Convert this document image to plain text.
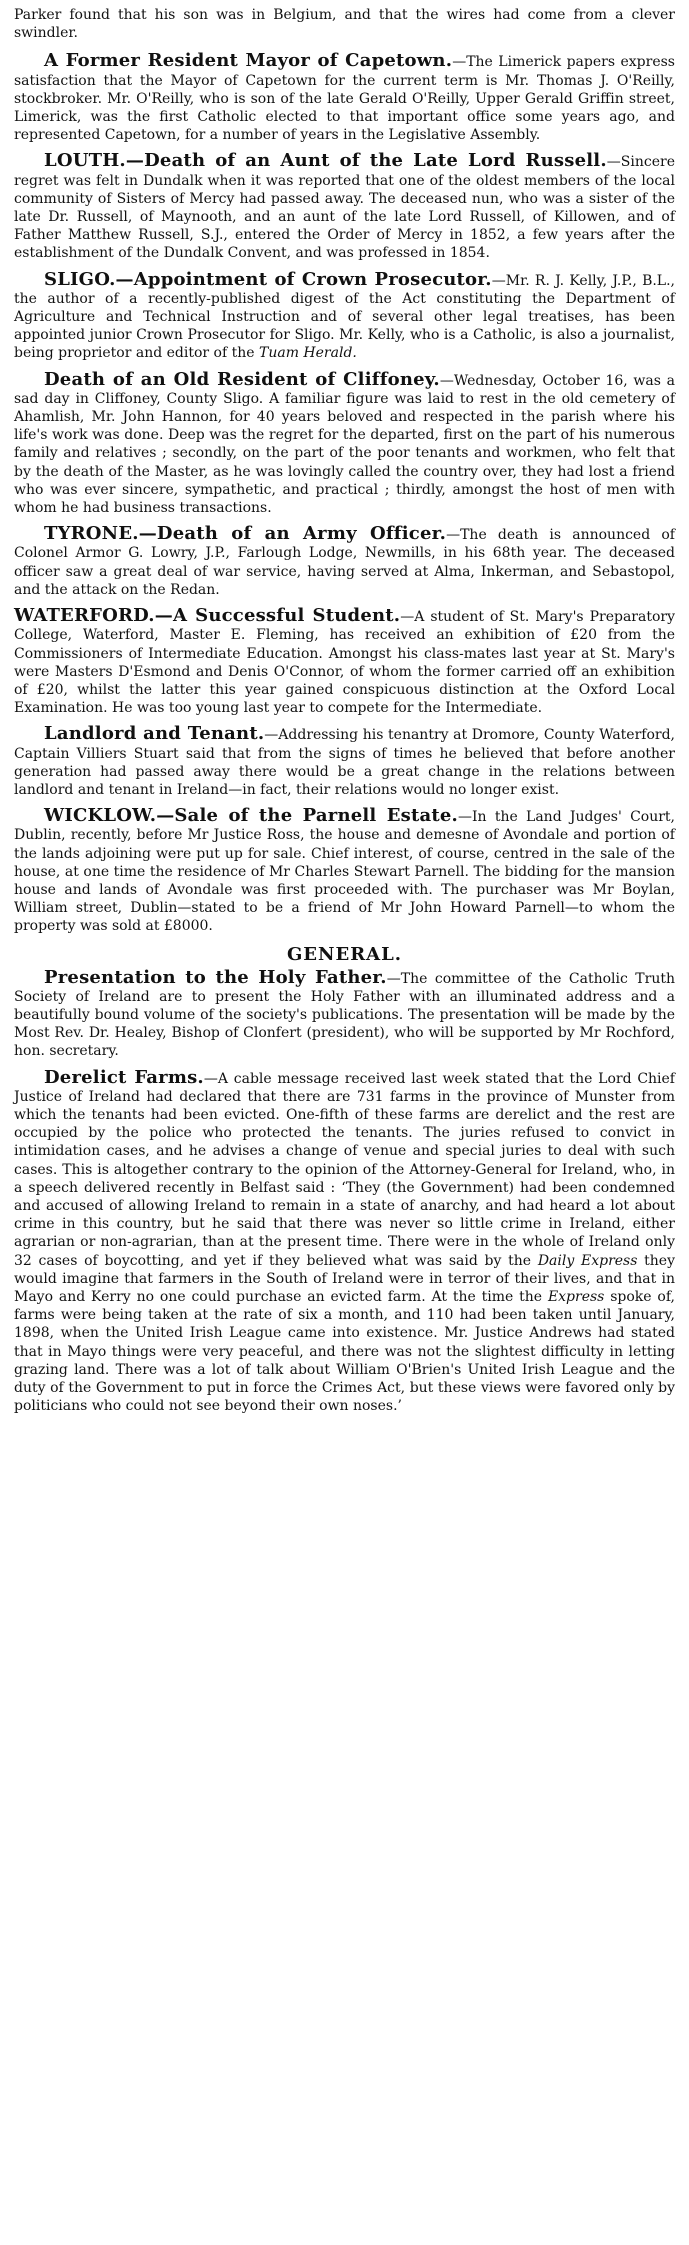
Parker found that his son was in Belgium, and that the wires had come from a clever swindler.
A Former Resident Mayor of Capetown.—The Limerick papers express satisfaction that the Mayor of Capetown for the current term is Mr. Thomas J. O'Reilly, stockbroker. Mr. O'Reilly, who is son of the late Gerald O'Reilly, Upper Gerald Griffin street, Limerick, was the first Catholic elected to that important office some years ago, and represented Capetown, for a number of years in the Legislative Assembly.
LOUTH.—Death of an Aunt of the Late Lord Russell.—Sincere regret was felt in Dundalk when it was reported that one of the oldest members of the local community of Sisters of Mercy had passed away. The deceased nun, who was a sister of the late Dr. Russell, of Maynooth, and an aunt of the late Lord Russell, of Killowen, and of Father Matthew Russell, S.J., entered the Order of Mercy in 1852, a few years after the establishment of the Dundalk Convent, and was professed in 1854.
SLIGO.—Appointment of Crown Prosecutor.—Mr. R. J. Kelly, J.P., B.L., the author of a recently-published digest of the Act constituting the Department of Agriculture and Technical Instruction and of several other legal treatises, has been appointed junior Crown Prosecutor for Sligo. Mr. Kelly, who is a Catholic, is also a journalist, being proprietor and editor of the Tuam Herald.
Death of an Old Resident of Cliffoney.—Wednesday, October 16, was a sad day in Cliffoney, County Sligo. A familiar figure was laid to rest in the old cemetery of Ahamlish, Mr. John Hannon, for 40 years beloved and respected in the parish where his life's work was done. Deep was the regret for the departed, first on the part of his numerous family and relatives ; secondly, on the part of the poor tenants and workmen, who felt that by the death of the Master, as he was lovingly called the country over, they had lost a friend who was ever sincere, sympathetic, and practical ; thirdly, amongst the host of men with whom he had business transactions.
TYRONE.—Death of an Army Officer.—The death is announced of Colonel Armor G. Lowry, J.P., Farlough Lodge, Newmills, in his 68th year. The deceased officer saw a great deal of war service, having served at Alma, Inkerman, and Sebastopol, and the attack on the Redan.
WATERFORD.—A Successful Student.—A student of St. Mary's Preparatory College, Waterford, Master E. Fleming, has received an exhibition of £20 from the Commissioners of Intermediate Education. Amongst his class-mates last year at St. Mary's were Masters D'Esmond and Denis O'Connor, of whom the former carried off an exhibition of £20, whilst the latter this year gained conspicuous distinction at the Oxford Local Examination. He was too young last year to compete for the Intermediate.
Landlord and Tenant.—Addressing his tenantry at Dromore, County Waterford, Captain Villiers Stuart said that from the signs of times he believed that before another generation had passed away there would be a great change in the relations between landlord and tenant in Ireland—in fact, their relations would no longer exist.
WICKLOW.—Sale of the Parnell Estate.—In the Land Judges' Court, Dublin, recently, before Mr Justice Ross, the house and demesne of Avondale and portion of the lands adjoining were put up for sale. Chief interest, of course, centred in the sale of the house, at one time the residence of Mr Charles Stewart Parnell. The bidding for the mansion house and lands of Avondale was first proceeded with. The purchaser was Mr Boylan, William street, Dublin—stated to be a friend of Mr John Howard Parnell—to whom the property was sold at £8000.
GENERAL.
Presentation to the Holy Father.—The committee of the Catholic Truth Society of Ireland are to present the Holy Father with an illuminated address and a beautifully bound volume of the society's publications. The presentation will be made by the Most Rev. Dr. Healey, Bishop of Clonfert (president), who will be supported by Mr Rochford, hon. secretary.
Derelict Farms.—A cable message received last week stated that the Lord Chief Justice of Ireland had declared that there are 731 farms in the province of Munster from which the tenants had been evicted. One-fifth of these farms are derelict and the rest are occupied by the police who protected the tenants. The juries refused to convict in intimidation cases, and he advises a change of venue and special juries to deal with such cases. This is altogether contrary to the opinion of the Attorney-General for Ireland, who, in a speech delivered recently in Belfast said : ‘They (the Government) had been condemned and accused of allowing Ireland to remain in a state of anarchy, and had heard a lot about crime in this country, but he said that there was never so little crime in Ireland, either agrarian or non-agrarian, than at the present time. There were in the whole of Ireland only 32 cases of boycotting, and yet if they believed what was said by the Daily Express they would imagine that farmers in the South of Ireland were in terror of their lives, and that in Mayo and Kerry no one could purchase an evicted farm. At the time the Express spoke of, farms were being taken at the rate of six a month, and 110 had been taken until January, 1898, when the United Irish League came into existence. Mr. Justice Andrews had stated that in Mayo things were very peaceful, and there was not the slightest difficulty in letting grazing land. There was a lot of talk about William O'Brien's United Irish League and the duty of the Government to put in force the Crimes Act, but these views were favored only by politicians who could not see beyond their own noses.’
